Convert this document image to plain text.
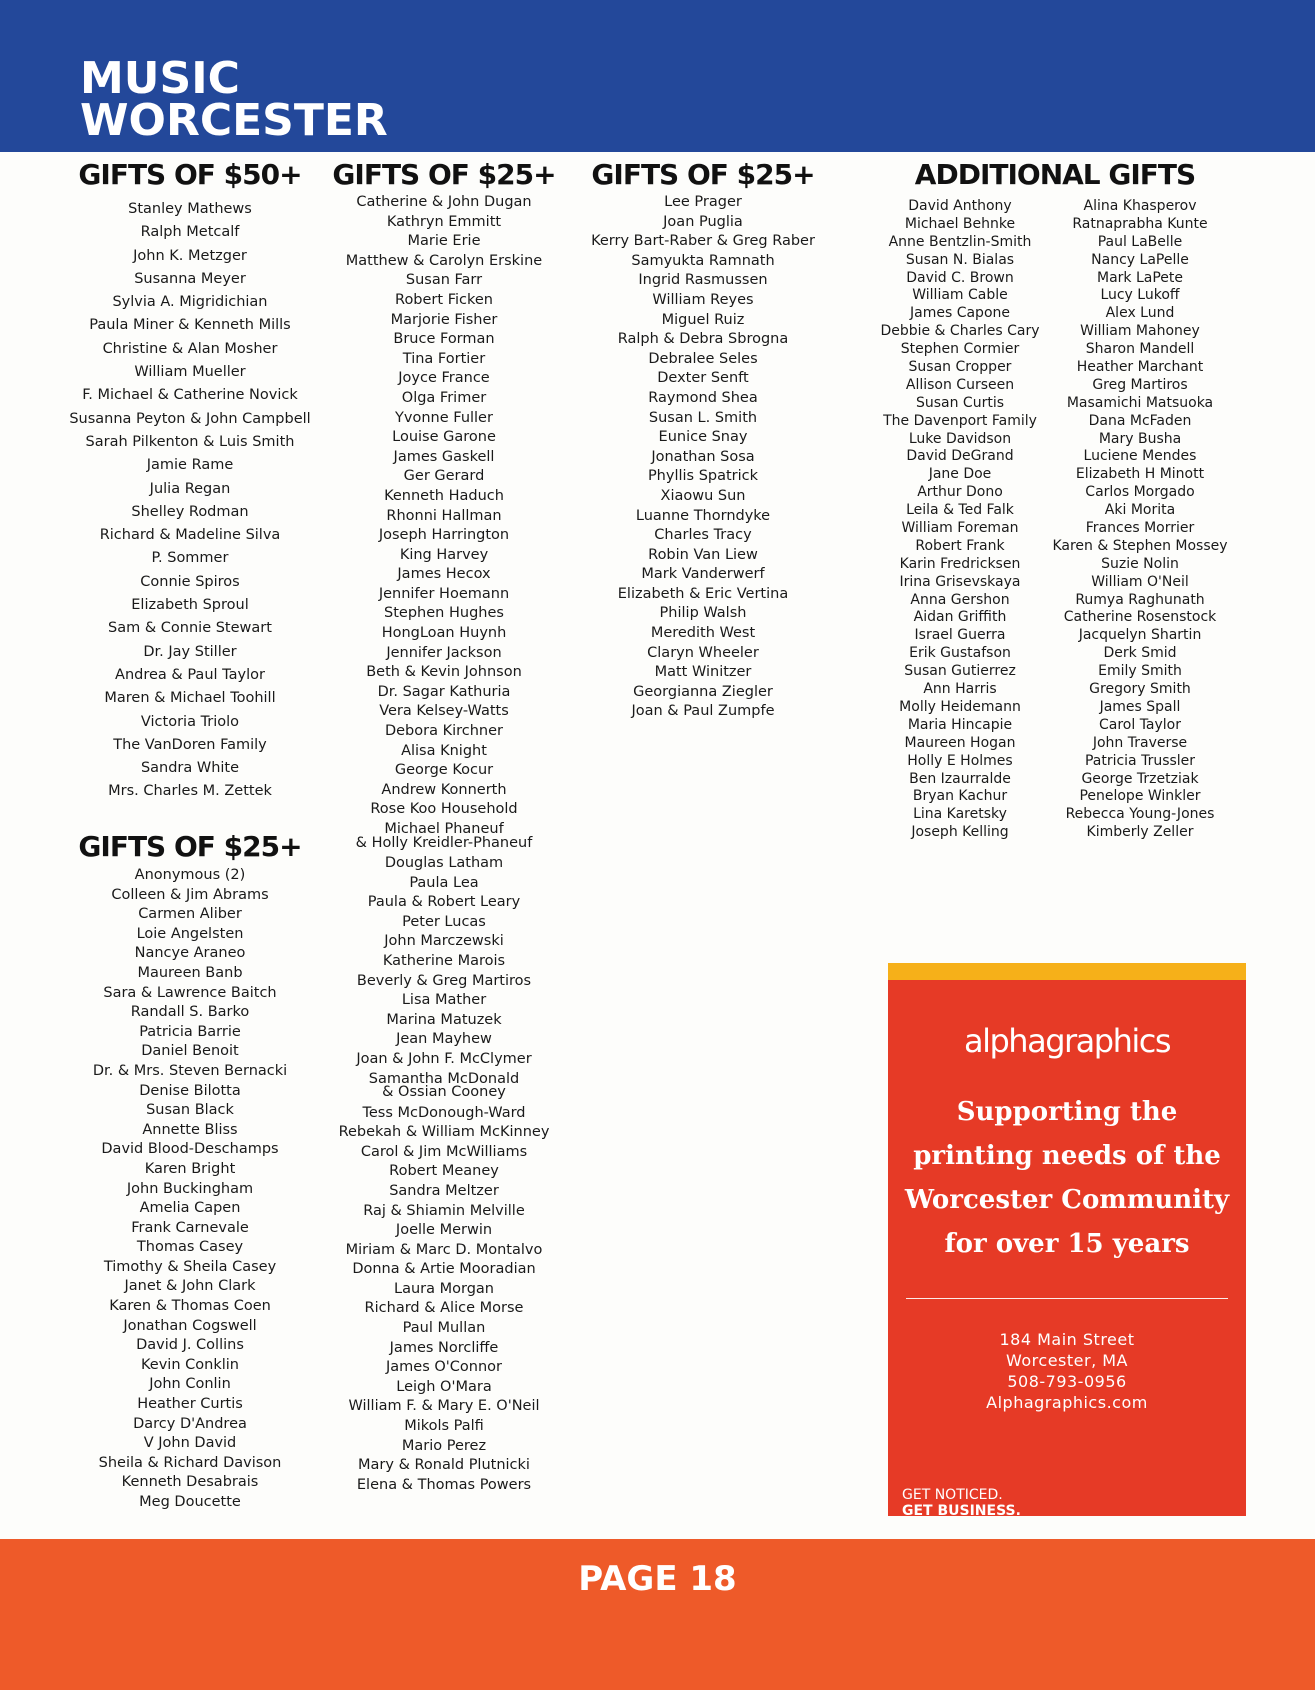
MUSIC
WORCESTER
GIFTS OF $50+
Stanley Mathews
Ralph Metcalf
John K. Metzger
Susanna Meyer
Sylvia A. Migridichian
Paula Miner & Kenneth Mills
Christine & Alan Mosher
William Mueller
F. Michael & Catherine Novick
Susanna Peyton & John Campbell
Sarah Pilkenton & Luis Smith
Jamie Rame
Julia Regan
Shelley Rodman
Richard & Madeline Silva
P. Sommer
Connie Spiros
Elizabeth Sproul
Sam & Connie Stewart
Dr. Jay Stiller
Andrea & Paul Taylor
Maren & Michael Toohill
Victoria Triolo
The VanDoren Family
Sandra White
Mrs. Charles M. Zettek
GIFTS OF $25+
Anonymous (2)
Colleen & Jim Abrams
Carmen Aliber
Loie Angelsten
Nancye Araneo
Maureen Banb
Sara & Lawrence Baitch
Randall S. Barko
Patricia Barrie
Daniel Benoit
Dr. & Mrs. Steven Bernacki
Denise Bilotta
Susan Black
Annette Bliss
David Blood-Deschamps
Karen Bright
John Buckingham
Amelia Capen
Frank Carnevale
Thomas Casey
Timothy & Sheila Casey
Janet & John Clark
Karen & Thomas Coen
Jonathan Cogswell
David J. Collins
Kevin Conklin
John Conlin
Heather Curtis
Darcy D'Andrea
V John David
Sheila & Richard Davison
Kenneth Desabrais
Meg Doucette
GIFTS OF $25+
Catherine & John Dugan
Kathryn Emmitt
Marie Erie
Matthew & Carolyn Erskine
Susan Farr
Robert Ficken
Marjorie Fisher
Bruce Forman
Tina Fortier
Joyce France
Olga Frimer
Yvonne Fuller
Louise Garone
James Gaskell
Ger Gerard
Kenneth Haduch
Rhonni Hallman
Joseph Harrington
King Harvey
James Hecox
Jennifer Hoemann
Stephen Hughes
HongLoan Huynh
Jennifer Jackson
Beth & Kevin Johnson
Dr. Sagar Kathuria
Vera Kelsey-Watts
Debora Kirchner
Alisa Knight
George Kocur
Andrew Konnerth
Rose Koo Household
Michael Phaneuf
& Holly Kreidler-Phaneuf
Douglas Latham
Paula Lea
Paula & Robert Leary
Peter Lucas
John Marczewski
Katherine Marois
Beverly & Greg Martiros
Lisa Mather
Marina Matuzek
Jean Mayhew
Joan & John F. McClymer
Samantha McDonald
& Ossian Cooney
Tess McDonough-Ward
Rebekah & William McKinney
Carol & Jim McWilliams
Robert Meaney
Sandra Meltzer
Raj & Shiamin Melville
Joelle Merwin
Miriam & Marc D. Montalvo
Donna & Artie Mooradian
Laura Morgan
Richard & Alice Morse
Paul Mullan
James Norcliffe
James O'Connor
Leigh O'Mara
William F. & Mary E. O'Neil
Mikols Palfi
Mario Perez
Mary & Ronald Plutnicki
Elena & Thomas Powers
GIFTS OF $25+
Lee Prager
Joan Puglia
Kerry Bart-Raber & Greg Raber
Samyukta Ramnath
Ingrid Rasmussen
William Reyes
Miguel Ruiz
Ralph & Debra Sbrogna
Debralee Seles
Dexter Senft
Raymond Shea
Susan L. Smith
Eunice Snay
Jonathan Sosa
Phyllis Spatrick
Xiaowu Sun
Luanne Thorndyke
Charles Tracy
Robin Van Liew
Mark Vanderwerf
Elizabeth & Eric Vertina
Philip Walsh
Meredith West
Claryn Wheeler
Matt Winitzer
Georgianna Ziegler
Joan & Paul Zumpfe
ADDITIONAL GIFTS
David Anthony
Michael Behnke
Anne Bentzlin-Smith
Susan N. Bialas
David C. Brown
William Cable
James Capone
Debbie & Charles Cary
Stephen Cormier
Susan Cropper
Allison Curseen
Susan Curtis
The Davenport Family
Luke Davidson
David DeGrand
Jane Doe
Arthur Dono
Leila & Ted Falk
William Foreman
Robert Frank
Karin Fredricksen
Irina Grisevskaya
Anna Gershon
Aidan Griffith
Israel Guerra
Erik Gustafson
Susan Gutierrez
Ann Harris
Molly Heidemann
Maria Hincapie
Maureen Hogan
Holly E Holmes
Ben Izaurralde
Bryan Kachur
Lina Karetsky
Joseph Kelling
Alina Khasperov
Ratnaprabha Kunte
Paul LaBelle
Nancy LaPelle
Mark LaPete
Lucy Lukoff
Alex Lund
William Mahoney
Sharon Mandell
Heather Marchant
Greg Martiros
Masamichi Matsuoka
Dana McFaden
Mary Busha
Luciene Mendes
Elizabeth H Minott
Carlos Morgado
Aki Morita
Frances Morrier
Karen & Stephen Mossey
Suzie Nolin
William O'Neil
Rumya Raghunath
Catherine Rosenstock
Jacquelyn Shartin
Derk Smid
Emily Smith
Gregory Smith
James Spall
Carol Taylor
John Traverse
Patricia Trussler
George Trzetziak
Penelope Winkler
Rebecca Young-Jones
Kimberly Zeller
alphagraphics
Supporting the
printing needs of the
Worcester Community
for over 15 years
184 Main Street
Worcester, MA
508-793-0956
Alphagraphics.com
GET NOTICED.
GET BUSINESS.
PAGE 18
